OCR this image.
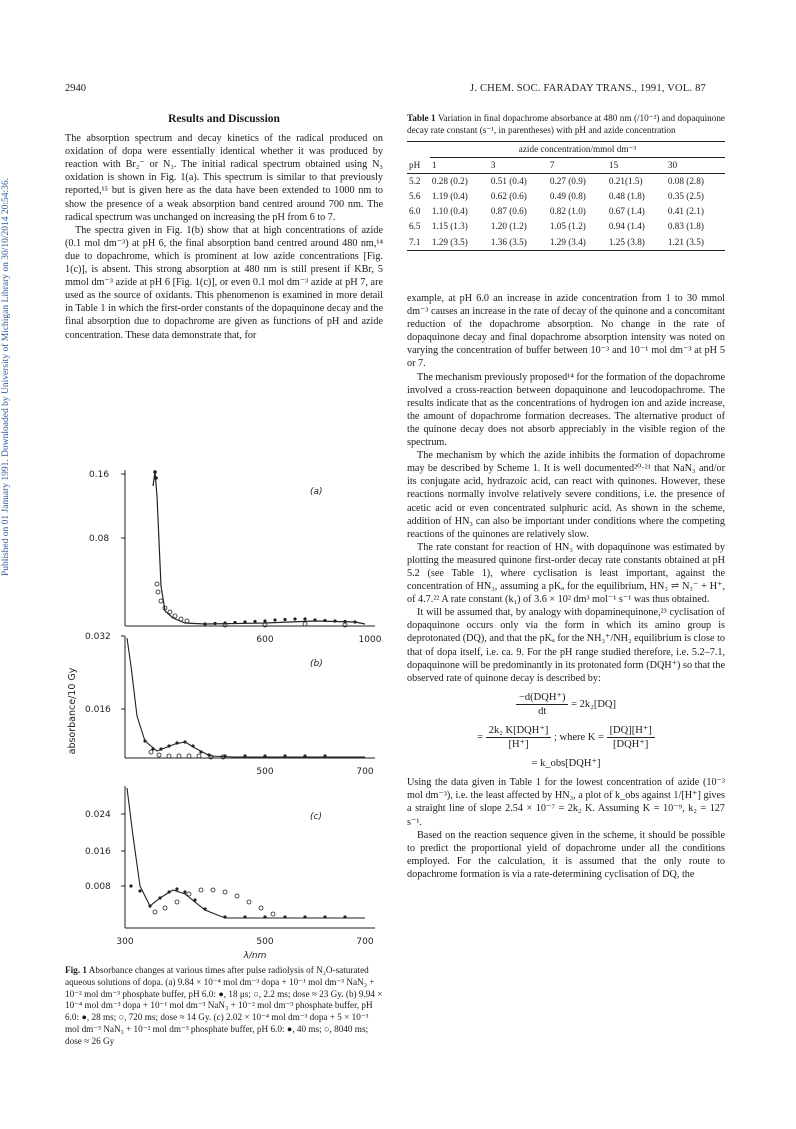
Published on 01 January 1991. Downloaded by University of Michigan Library on 30/10/2014 20:54:36.
2940	J. CHEM. SOC. FARADAY TRANS., 1991, VOL. 87
Results and Discussion

The absorption spectrum and decay kinetics of the radical produced on oxidation of dopa were essentially identical whether it was produced by reaction with Br₂⁻ or N₃. The initial radical spectrum obtained using N₃ oxidation is shown in Fig. 1(a). This spectrum is similar to that previously reported,¹⁵ but is given here as the data have been extended to 1000 nm to show the presence of a weak absorption band centred around 700 nm. The radical spectrum was unchanged on increasing the pH from 6 to 7.

The spectra given in Fig. 1(b) show that at high concentrations of azide (0.1 mol dm⁻³) at pH 6, the final absorption band centred around 480 nm,¹⁴ due to dopachrome, which is prominent at low azide concentrations [Fig. 1(c)], is absent. This strong absorption at 480 nm is still present if KBr, 5 mmol dm⁻³ azide at pH 6 [Fig. 1(c)], or even 0.1 mol dm⁻³ azide at pH 7, are used as the source of oxidants. This phenomenon is examined in more detail in Table 1 in which the first-order constants of the dopaquinone decay and the final absorption due to dopachrome are given as functions of pH and azide concentration. These data demonstrate that, for

absorbance/10 Gy
0.16
0.08
(a)
600	1000
0.032
0.016
(b)
500	700
0.024
0.016
0.008
(c)
300	500	700
λ/nm
Fig. 1 Absorbance changes at various times after pulse radiolysis of N₂O-saturated aqueous solutions of dopa. (a) 9.84 × 10⁻⁴ mol dm⁻³ dopa + 10⁻¹ mol dm⁻³ NaN₃ + 10⁻² mol dm⁻³ phosphate buffer, pH 6.0: ●, 18 μs; ○, 2.2 ms; dose ≈ 23 Gy. (b) 9.94 × 10⁻⁴ mol dm⁻³ dopa + 10⁻¹ mol dm⁻³ NaN₃ + 10⁻² mol dm⁻³ phosphate buffer, pH 6.0: ●, 28 ms; ○, 720 ms; dose ≈ 14 Gy. (c) 2.02 × 10⁻⁴ mol dm⁻³ dopa + 5 × 10⁻³ mol dm⁻³ NaN₃ + 10⁻² mol dm⁻³ phosphate buffer, pH 6.0: ●, 40 ms; ○, 8040 ms; dose ≈ 26 Gy
Table 1 Variation in final dopachrome absorbance at 480 nm (/10⁻²) and dopaquinone decay rate constant (s⁻¹, in parentheses) with pH and azide concentration
	azide concentration/mmol dm⁻³				
pH	1	3	7	15	30
5.2	0.28 (0.2)	0.51 (0.4)	0.27 (0.9)	0.21(1.5)	0.08 (2.8)
5.6	1.19 (0.4)	0.62 (0.6)	0.49 (0.8)	0.48 (1.8)	0.35 (2.5)
6.0	1.10 (0.4)	0.87 (0.6)	0.82 (1.0)	0.67 (1.4)	0.41 (2.1)
6.5	1.15 (1.3)	1.20 (1.2)	1.05 (1.2)	0.94 (1.4)	0.83 (1.8)
7.1	1.29 (3.5)	1.36 (3.5)	1.29 (3.4)	1.25 (3.8)	1.21 (3.5)

example, at pH 6.0 an increase in azide concentration from 1 to 30 mmol dm⁻³ causes an increase in the rate of decay of the quinone and a concomitant reduction of the dopachrome absorption. No change in the rate of dopaquinone decay and final dopachrome absorption intensity was noted on varying the concentration of buffer between 10⁻³ and 10⁻¹ mol dm⁻³ at pH 5 or 7.

The mechanism previously proposed¹⁴ for the formation of the dopachrome involved a cross-reaction between dopaquinone and leucodopachrome. The results indicate that as the concentrations of hydrogen ion and azide increase, the amount of dopachrome formation decreases. The alternative product of the quinone decay does not absorb appreciably in the visible region of the spectrum.

The mechanism by which the azide inhibits the formation of dopachrome may be described by Scheme 1. It is well documented²⁰·²¹ that NaN₃ and/or its conjugate acid, hydrazoic acid, can react with quinones. However, these reactions normally involve relatively severe conditions, i.e. the presence of acetic acid or even concentrated sulphuric acid. As shown in the scheme, addition of HN₃ can also be important under conditions where the competing reactions of the quinones are relatively slow.

The rate constant for reaction of HN₃ with dopaquinone was estimated by plotting the measured quinone first-order decay rate constants obtained at pH 5.2 (see Table 1), where cyclisation is least important, against the concentration of HN₃, assuming a pKₐ for the equilibrium, HN₃ ⇌ N₃⁻ + H⁺, of 4.7.²² A rate constant (k₁) of 3.6 × 10² dm³ mol⁻¹ s⁻¹ was thus obtained.

It will be assumed that, by analogy with dopaminequinone,²³ cyclisation of dopaquinone occurs only via the form in which its amino group is deprotonated (DQ), and that the pKₐ for the NH₃⁺/NH₂ equilibrium is close to that of dopa itself, i.e. ca. 9. For the pH range studied therefore, i.e. 5.2–7.1, dopaquinone will be predominantly in its protonated form (DQH⁺) so that the observed rate of quinone decay is described by:

$\frac{\text{−d(DQH⁺)}}{dt} = 2k_2[DQ]$
= $\frac{\text{2k₂ K[DQH⁺]}}{[H^+]}$ ; where $K = \frac{[DQ][H^+]}{\text{[DQH⁺]}}$
= k_obs[DQH⁺]

Using the data given in Table 1 for the lowest concentration of azide (10⁻³ mol dm⁻³), i.e. the least affected by HN₃, a plot of k_obs against 1/[H⁺] gives a straight line of slope 2.54 × 10⁻⁷ = 2k₂ K. Assuming K = 10⁻⁹, k₂ = 127 s⁻¹.

Based on the reaction sequence given in the scheme, it should be possible to predict the proportional yield of dopachrome under all the conditions employed. For the calculation, it is assumed that the only route to dopachrome formation is via a rate-determining cyclisation of DQ, the
